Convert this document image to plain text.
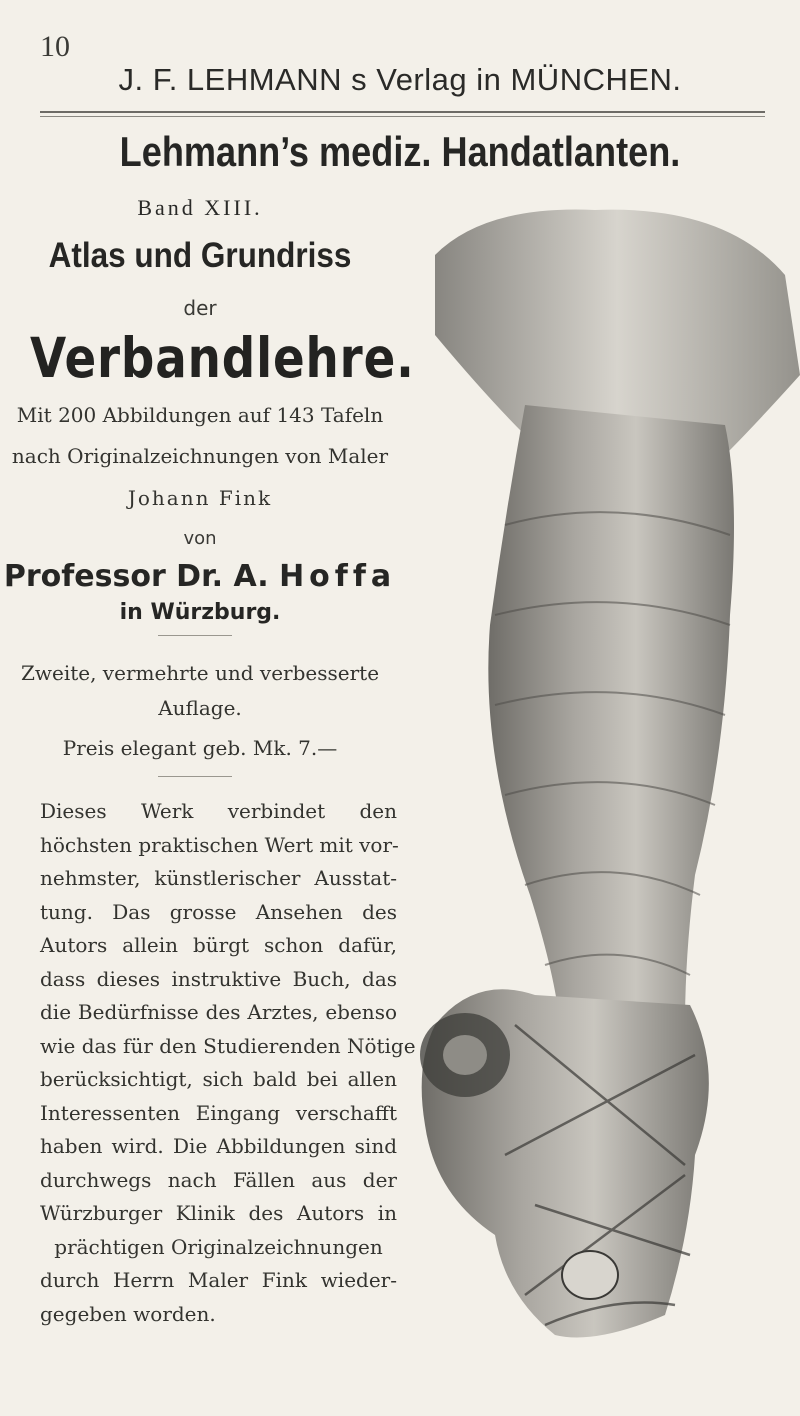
10
J. F. LEHMANN s Verlag in MÜNCHEN.
Lehmann’s mediz. Handatlanten.
Band XIII.
Atlas und Grundriss
der
Verbandlehre.
Mit 200 Abbildungen auf 143 Tafeln
nach Originalzeichnungen von Maler
Johann Fink
von
Professor Dr. A. Hoffa
in Würzburg.
Zweite, vermehrte und verbesserte
Auflage.
Preis elegant geb. Mk. 7.—
Dieses Werk verbindet den
höchsten praktischen Wert mit vor-
nehmster, künstlerischer Ausstat-
tung. Das grosse Ansehen des
Autors allein bürgt schon dafür,
dass dieses instruktive Buch, das
die Bedürfnisse des Arztes, ebenso
wie das für den Studierenden Nötige
berücksichtigt, sich bald bei allen
Interessenten Eingang verschafft
haben wird. Die Abbildungen sind
durchwegs nach Fällen aus der
Würzburger Klinik des Autors in
prächtigen Originalzeichnungen
durch Herrn Maler Fink wieder-
gegeben worden.
